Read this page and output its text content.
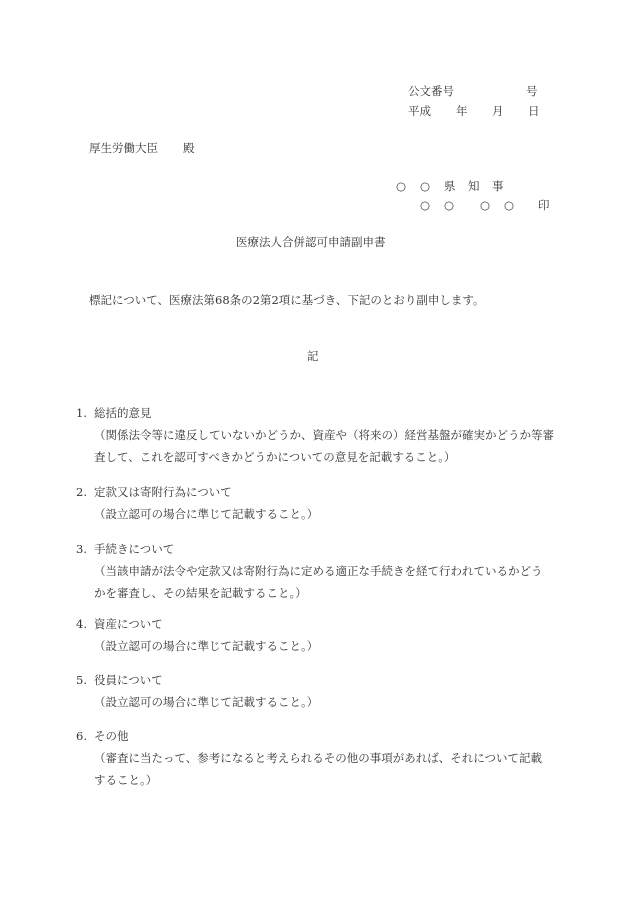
公文番号	号
平成 年 月 日
厚生労働大臣 殿
○ ○ 県 知 事
○ ○ ○ ○ 印
医療法人合併認可申請副申書
標記について、医療法第68条の2第2項に基づき、下記のとおり副申します。
記
1. 総括的意見
（関係法令等に違反していないかどうか、資産や（将来の）経営基盤が確実かどうか等審
査して、これを認可すべきかどうかについての意見を記載すること。）
2. 定款又は寄附行為について
（設立認可の場合に準じて記載すること。）
3. 手続きについて
（当該申請が法令や定款又は寄附行為に定める適正な手続きを経て行われているかどう
かを審査し、その結果を記載すること。）
4. 資産について
（設立認可の場合に準じて記載すること。）
5. 役員について
（設立認可の場合に準じて記載すること。）
6. その他
（審査に当たって、参考になると考えられるその他の事項があれば、それについて記載
すること。）
